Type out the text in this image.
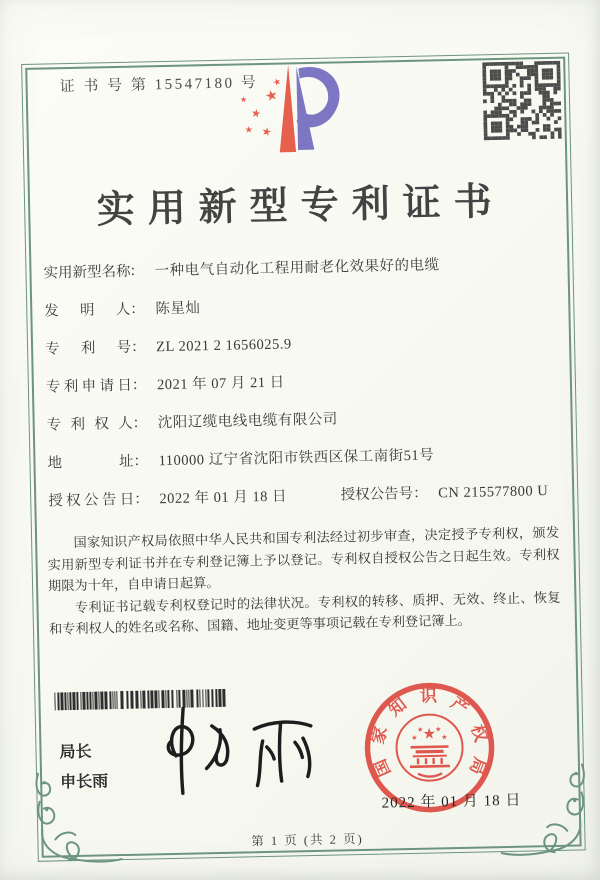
证 书 号 第 15547180 号
★
★
★
★ ★
★
实用新型专利证书
实用新型名称： 一种电气自动化工程用耐老化效果好的电缆
发 明 人： 陈星灿
专 利 号： ZL 2021 2 1656025.9
专利申请日： 2021 年 07 月 21 日
专 利 权 人： 沈阳辽缆电线电缆有限公司
地 址： 110000 辽宁省沈阳市铁西区保工南街51号
授权公告日： 2022 年 01 月 18 日	授权公告号： CN 215577800 U

国家知识产权局依照中华人民共和国专利法经过初步审查，决定授予专利权，颁发实用新型专利证书并在专利登记簿上予以登记。专利权自授权公告之日起生效。专利权期限为十年，自申请日起算。

专利证书记载专利权登记时的法律状况。专利权的转移、质押、无效、终止、恢复和专利权人的姓名或名称、国籍、地址变更等事项记载在专利登记簿上。

局长
申长雨
国
家
知 识 产
权
局
★
★
★ ★
★
2022 年 01 月 18 日
第 1 页 (共 2 页)
